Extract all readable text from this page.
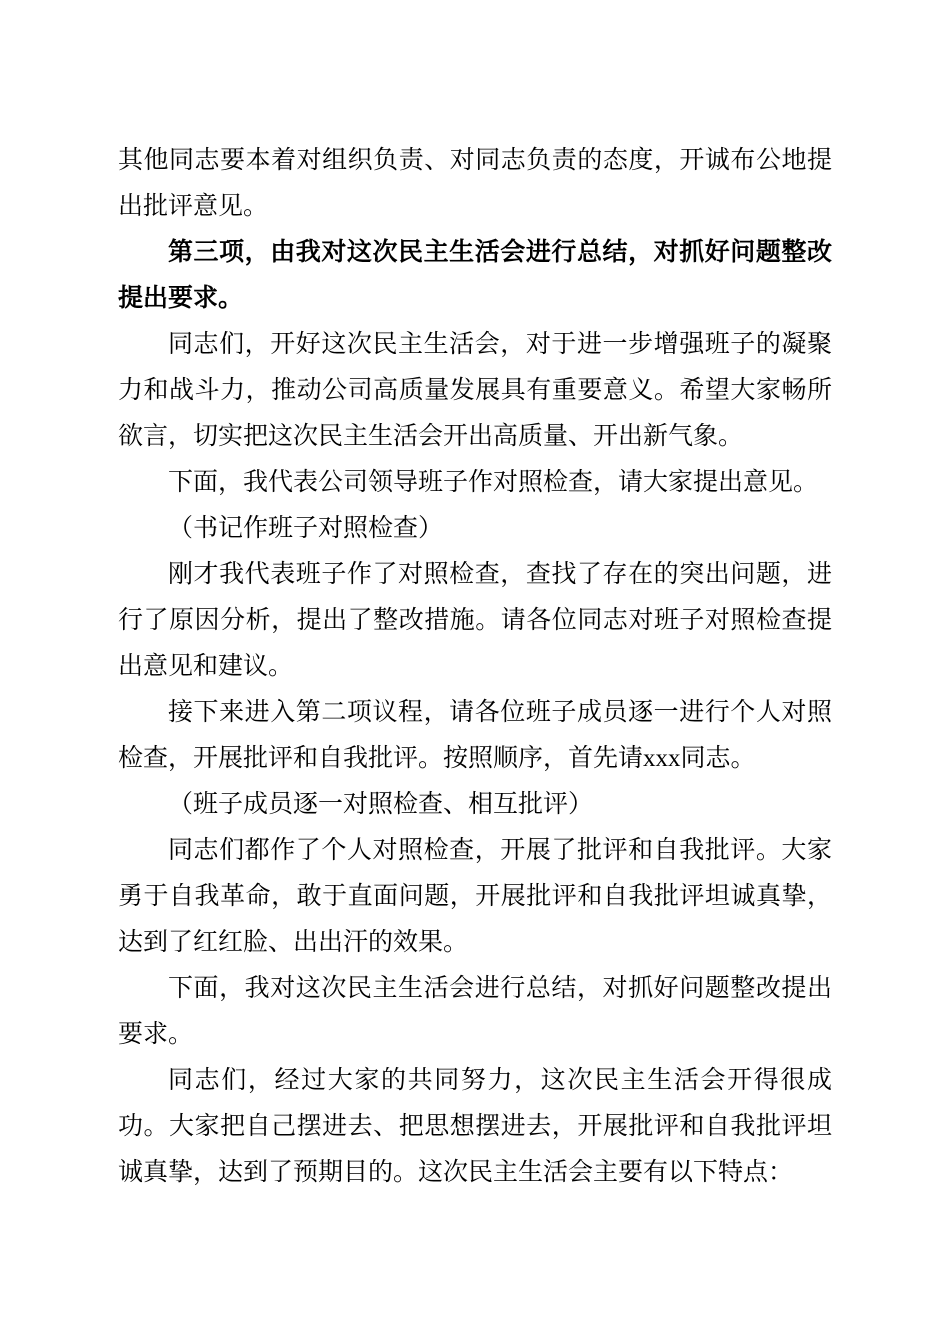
其他同志要本着对组织负责、对同志负责的态度，开诚布公地提出批评意见。

第三项，由我对这次民主生活会进行总结，对抓好问题整改提出要求。

同志们，开好这次民主生活会，对于进一步增强班子的凝聚力和战斗力，推动公司高质量发展具有重要意义。希望大家畅所欲言，切实把这次民主生活会开出高质量、开出新气象。

下面，我代表公司领导班子作对照检查，请大家提出意见。

（书记作班子对照检查）

刚才我代表班子作了对照检查，查找了存在的突出问题，进行了原因分析，提出了整改措施。请各位同志对班子对照检查提出意见和建议。

接下来进入第二项议程，请各位班子成员逐一进行个人对照检查，开展批评和自我批评。按照顺序，首先请xxx同志。

（班子成员逐一对照检查、相互批评）

同志们都作了个人对照检查，开展了批评和自我批评。大家勇于自我革命，敢于直面问题，开展批评和自我批评坦诚真挚，达到了红红脸、出出汗的效果。

下面，我对这次民主生活会进行总结，对抓好问题整改提出要求。

同志们，经过大家的共同努力，这次民主生活会开得很成功。大家把自己摆进去、把思想摆进去，开展批评和自我批评坦诚真挚，达到了预期目的。这次民主生活会主要有以下特点：
